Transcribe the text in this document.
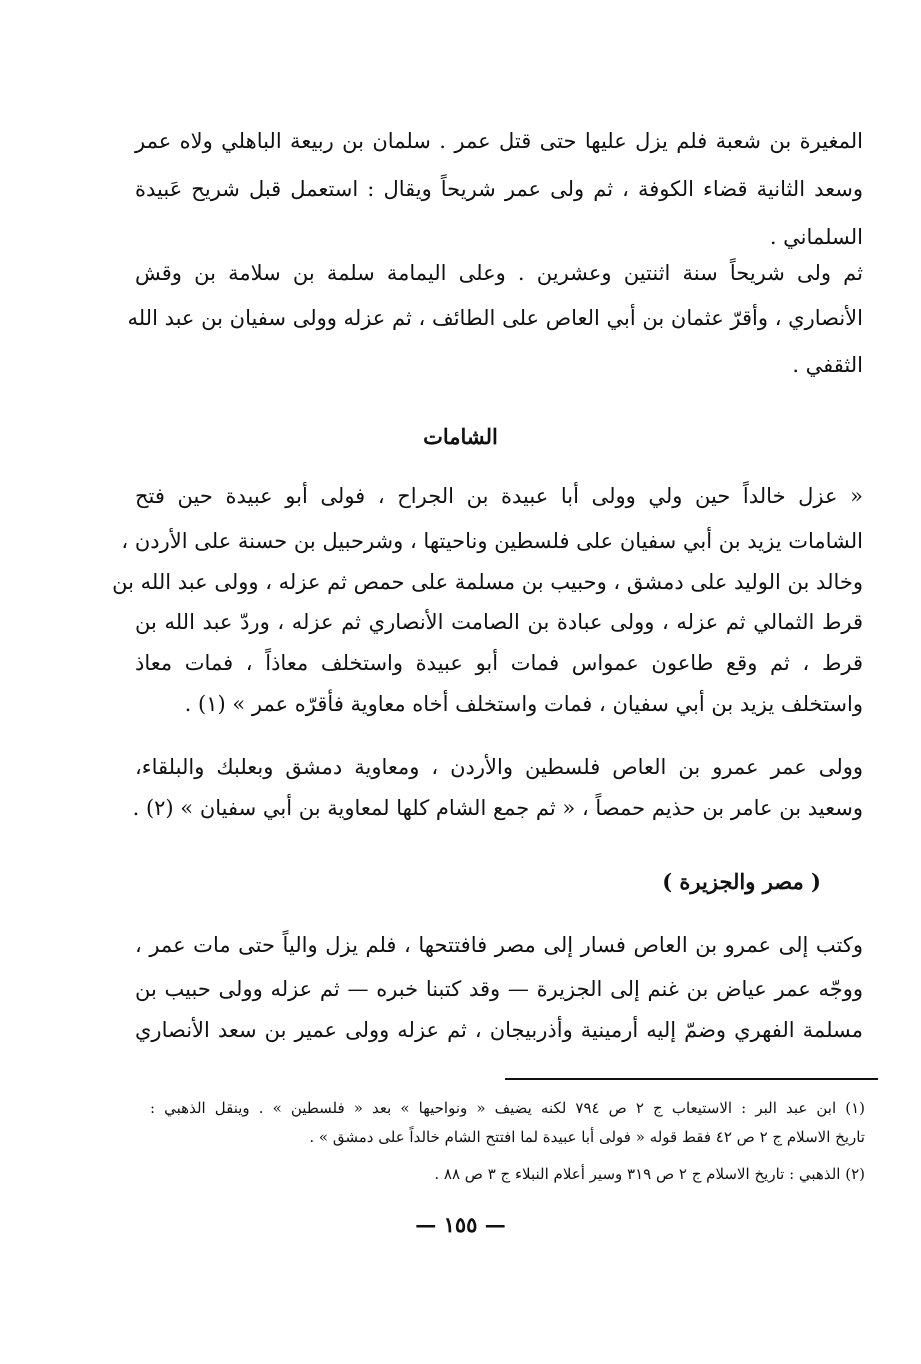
المغيرة بن شعبة فلم يزل عليها حتى قتل عمر . سلمان بن ربيعة الباهلي ولاه عمر
وسعد الثانية قضاء الكوفة ، ثم ولى عمر شريحاً ويقال : استعمل قبل شريح عَبيدة
السلماني .
ثم ولى شريحاً سنة اثنتين وعشرين . وعلى اليمامة سلمة بن سلامة بن وقش
الأنصاري ، وأقرّ عثمان بن أبي العاص على الطائف ، ثم عزله وولى سفيان بن عبد الله
الثقفي .
الشامات
« عزل خالداً حين ولي وولى أبا عبيدة بن الجراح ، فولى أبو عبيدة حين فتح
الشامات يزيد بن أبي سفيان على فلسطين وناحيتها ، وشرحبيل بن حسنة على الأردن ،
وخالد بن الوليد على دمشق ، وحبيب بن مسلمة على حمص ثم عزله ، وولى عبد الله بن
قرط الثمالي ثم عزله ، وولى عبادة بن الصامت الأنصاري ثم عزله ، وردّ عبد الله بن
قرط ، ثم وقع طاعون عمواس فمات أبو عبيدة واستخلف معاذاً ، فمات معاذ
واستخلف يزيد بن أبي سفيان ، فمات واستخلف أخاه معاوية فأقرّه عمر » (١) .
وولى عمر عمرو بن العاص فلسطين والأردن ، ومعاوية دمشق وبعلبك والبلقاء،
وسعيد بن عامر بن حذيم حمصاً ، « ثم جمع الشام كلها لمعاوية بن أبي سفيان » (٢) .
( مصر والجزيرة )
وكتب إلى عمرو بن العاص فسار إلى مصر فافتتحها ، فلم يزل والياً حتى مات عمر ،
ووجّه عمر عياض بن غنم إلى الجزيرة — وقد كتبنا خبره — ثم عزله وولى حبيب بن
مسلمة الفهري وضمّ إليه أرمينية وأذربيجان ، ثم عزله وولى عمير بن سعد الأنصاري
(١) ابن عبد البر : الاستيعاب ج ٢ ص ٧٩٤ لكنه يضيف « ونواحيها » بعد « فلسطين » . وينقل الذهبي :
تاريخ الاسلام ج ٢ ص ٤٢ فقط قوله « فولى أبا عبيدة لما افتتح الشام خالداً على دمشق » .
(٢) الذهبي : تاريخ الاسلام ج ٢ ص ٣١٩ وسير أعلام النبلاء ج ٣ ص ٨٨ .
— ١٥٥ —
